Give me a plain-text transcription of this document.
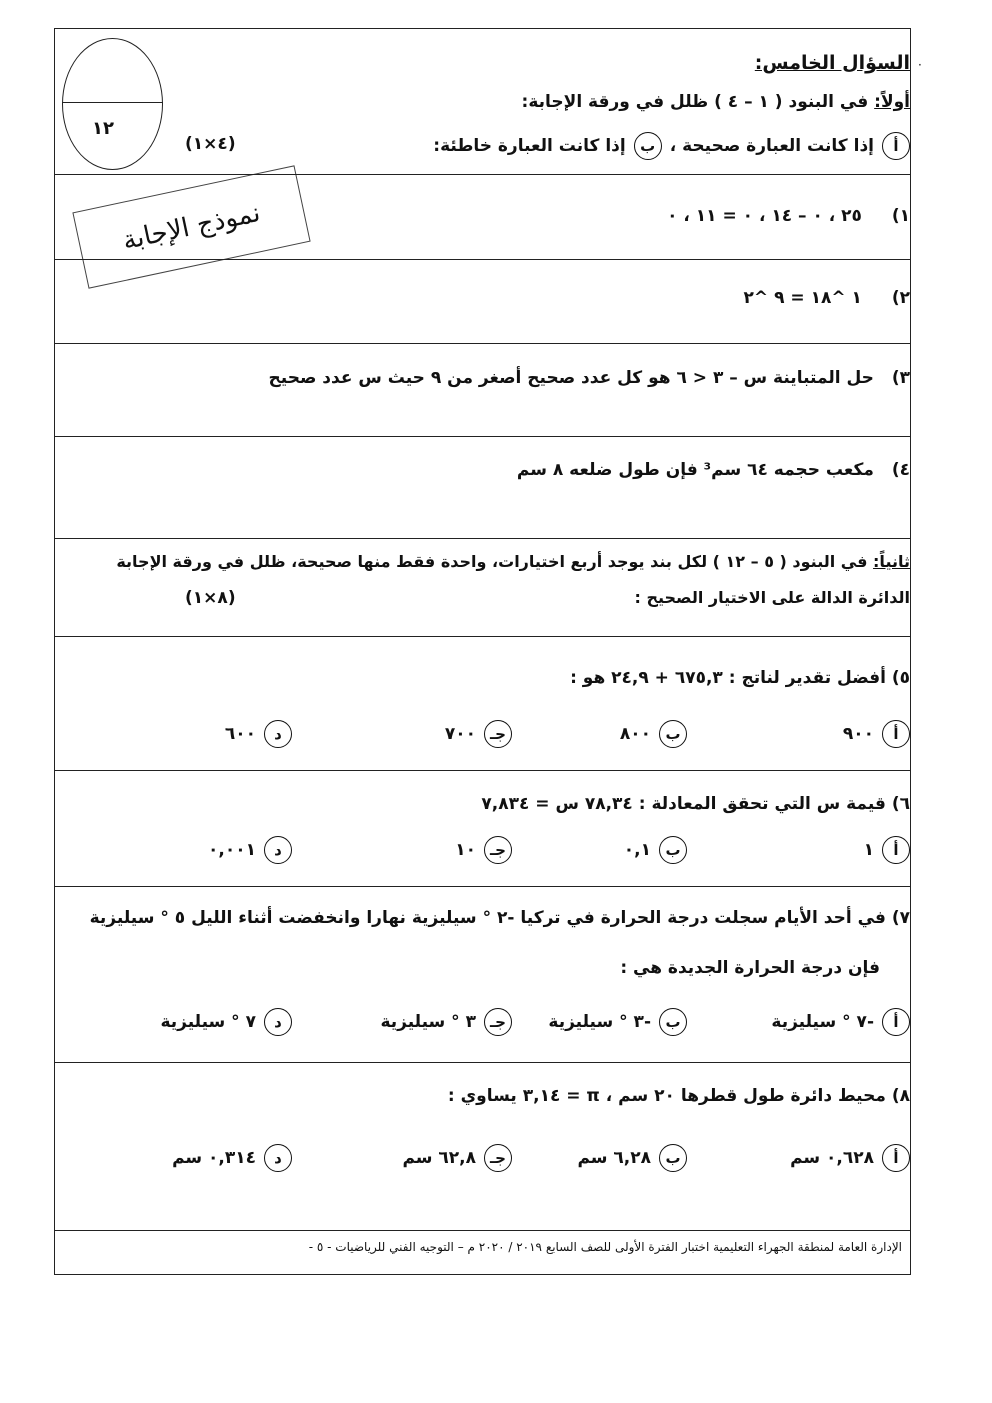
·
١٢
نموذج الإجابة
السؤال الخامس:
أولاً: في البنود ( ١ – ٤ ) ظلل في ورقة الإجابة:
أ
إذا كانت العبارة صحيحة ،
ب
إذا كانت العبارة خاطئة:
(٤×١)
١) ٢٥ ، ٠ – ١٤ ، ٠ = ١١ ، ٠
٢) ١ ^١٨ = ٩ ^٢
٣) حل المتباينة س – ٣ < ٦ هو كل عدد صحيح أصغر من ٩ حيث س عدد صحيح
٤) مكعب حجمه ٦٤ سم³ فإن طول ضلعه ٨ سم
ثانياً: في البنود ( ٥ – ١٢ ) لكل بند يوجد أربع اختيارات، واحدة فقط منها صحيحة، ظلل في ورقة الإجابة
الدائرة الدالة على الاختيار الصحيح :
(٨×١)
٥) أفضل تقدير لناتج : ٦٧٥,٣ + ٢٤,٩ هو :
أ
٩٠٠
ب
٨٠٠
جـ
٧٠٠
د
٦٠٠
٦) قيمة س التي تحقق المعادلة : ٧٨,٣٤ س = ٧,٨٣٤
أ
١
ب
٠,١
جـ
١٠
د
٠,٠٠١
٧) في أحد الأيام سجلت درجة الحرارة في تركيا -٢ ° سيليزية نهارا وانخفضت أثناء الليل ٥ ° سيليزية
فإن درجة الحرارة الجديدة هي :
أ
-٧ ° سيليزية
ب
-٣ ° سيليزية
جـ
٣ ° سيليزية
د
٧ ° سيليزية
٨) محيط دائرة طول قطرها ٢٠ سم ، π = ٣,١٤ يساوي :
أ
٠,٦٢٨ سم
ب
٦,٢٨ سم
جـ
٦٢,٨ سم
د
٠,٣١٤ سم
الإدارة العامة لمنطقة الجهراء التعليمية اختبار الفترة الأولى للصف السابع ٢٠١٩ / ٢٠٢٠ م – التوجيه الفني للرياضيات - ٥ -
